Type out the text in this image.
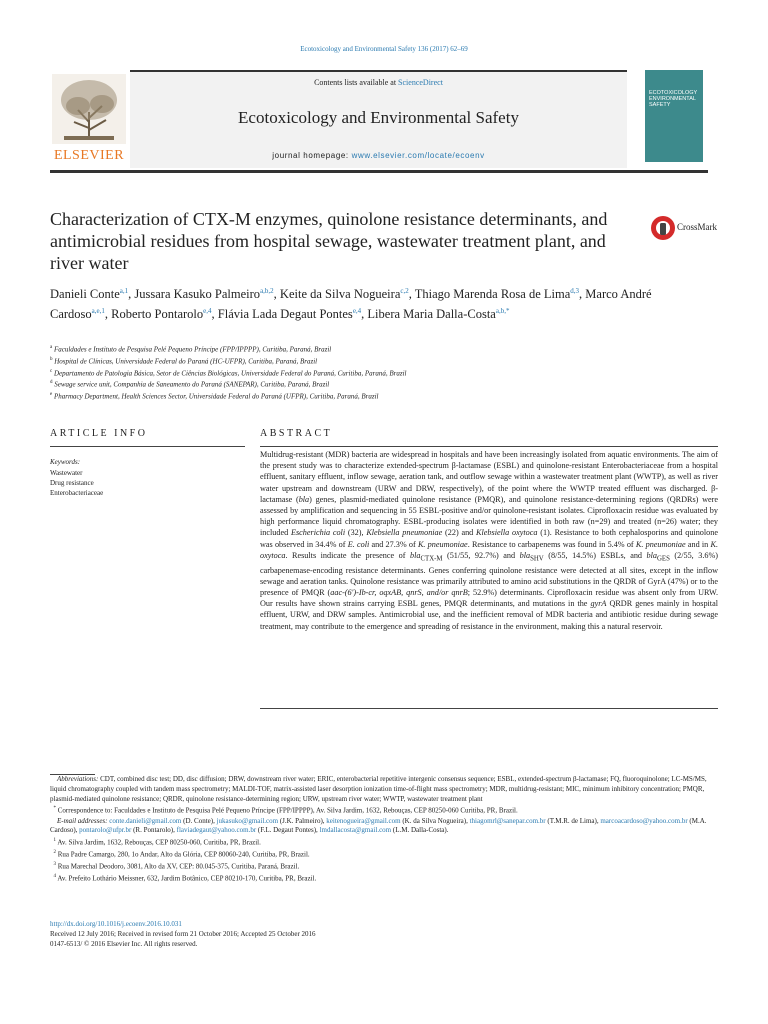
Ecotoxicology and Environmental Safety 136 (2017) 62–69
ELSEVIER
Contents lists available at ScienceDirect
Ecotoxicology and Environmental Safety
journal homepage: www.elsevier.com/locate/ecoenv
ECOTOXICOLOGY ENVIRONMENTAL SAFETY
Characterization of CTX-M enzymes, quinolone resistance determinants, and antimicrobial residues from hospital sewage, wastewater treatment plant, and river water
CrossMark
Danieli Conte$^{a,1}$, Jussara Kasuko Palmeiro$^{a,b,2}$, Keite da Silva Nogueira$^{c,2}$, Thiago Marenda Rosa de Lima$^{d,3}$, Marco André Cardoso$^{a,e,1}$, Roberto Pontarolo$^{e,4}$, Flávia Lada Degaut Pontes$^{e,4}$, Libera Maria Dalla-Costa$^{a,b,*}$
$^a$ Faculdades e Instituto de Pesquisa Pelé Pequeno Príncipe (FPP/IPPPP), Curitiba, Paraná, Brazil
$^b$ Hospital de Clínicas, Universidade Federal do Paraná (HC-UFPR), Curitiba, Paraná, Brazil
$^c$ Departamento de Patologia Básica, Setor de Ciências Biológicas, Universidade Federal do Paraná, Curitiba, Paraná, Brazil
$^d$ Sewage service unit, Companhia de Saneamento do Paraná (SANEPAR), Curitiba, Paraná, Brazil
$^e$ Pharmacy Department, Health Sciences Sector, Universidade Federal do Paraná (UFPR), Curitiba, Paraná, Brazil
ARTICLE INFO
Keywords:
Wastewater
Drug resistance
Enterobacteriaceae
ABSTRACT
Multidrug-resistant (MDR) bacteria are widespread in hospitals and have been increasingly isolated from aquatic environments. The aim of the present study was to characterize extended-spectrum β-lactamase (ESBL) and quinolone-resistant Enterobacteriaceae from a hospital effluent, sanitary effluent, inflow sewage, aeration tank, and outflow sewage within a wastewater treatment plant (WWTP), as well as river water upstream and downstream (URW and DRW, respectively), of the point where the WWTP treated effluent was discharged. β-lactamase (bla) genes, plasmid-mediated quinolone resistance (PMQR), and quinolone resistance-determining regions (QRDRs) were assessed by amplification and sequencing in 55 ESBL-positive and/or quinolone-resistant isolates. Ciprofloxacin residue was evaluated by high performance liquid chromatography. ESBL-producing isolates were identified in both raw (n=29) and treated (n=26) water; they included Escherichia coli (32), Klebsiella pneumoniae (22) and Klebsiella oxytoca (1). Resistance to both cephalosporins and quinolone was observed in 34.4% of E. coli and 27.3% of K. pneumoniae. Resistance to carbapenems was found in 5.4% of K. pneumoniae and in K. oxytoca. Results indicate the presence of bla$_{CTX-M}$ (51/55, 92.7%) and bla$_{SHV}$ (8/55, 14.5%) ESBLs, and bla$_{GES}$ (2/55, 3.6%) carbapenemase-encoding resistance determinants. Genes conferring quinolone resistance were detected at all sites, except in the inflow sewage and aeration tanks. Quinolone resistance was primarily attributed to amino acid substitutions in the QRDR of GyrA (47%) or to the presence of PMQR (aac-(6′)-Ib-cr, oqxAB, qnrS, and/or qnrB; 52.9%) determinants. Ciprofloxacin residue was absent only from URW. Our results have shown strains carrying ESBL genes, PMQR determinants, and mutations in the gyrA QRDR genes mainly in hospital effluent, URW, and DRW samples. Antimicrobial use, and the inefficient removal of MDR bacteria and antibiotic residue during sewage treatment, may contribute to the emergence and spreading of resistance in the environment, making this a natural reservoir.

Abbreviations: CDT, combined disc test; DD, disc diffusion; DRW, downstream river water; ERIC, enterobacterial repetitive intergenic consensus sequence; ESBL, extended-spectrum β-lactamase; FQ, fluoroquinolone; LC-MS/MS, liquid chromatography coupled with tandem mass spectrometry; MALDI-TOF, matrix-assisted laser desorption ionization time-of-flight mass spectrometry; MDR, multidrug-resistant; MIC, minimum inhibitory concentration; PMQR, plasmid-mediated quinolone resistance; QRDR, quinolone resistance-determining region; URW, upstream river water; WWTP, wastewater treatment plant

* Correspondence to: Faculdades e Instituto de Pesquisa Pelé Pequeno Príncipe (FPP/IPPPP), Av. Silva Jardim, 1632, Rebouças, CEP 80250-060 Curitiba, PR, Brazil.

E-mail addresses: conte.danieli@gmail.com (D. Conte), jukasuko@gmail.com (J.K. Palmeiro), keitenogueira@gmail.com (K. da Silva Nogueira), thiagomrl@sanepar.com.br (T.M.R. de Lima), marcoacardoso@yahoo.com.br (M.A. Cardoso), pontarolo@ufpr.br (R. Pontarolo), flaviadegaut@yahoo.com.br (F.L. Degaut Pontes), lmdallacosta@gmail.com (L.M. Dalla-Costa).

$^1$ Av. Silva Jardim, 1632, Rebouças, CEP 80250-060, Curitiba, PR, Brazil.

$^2$ Rua Padre Camargo, 280, 1o Andar, Alto da Glória, CEP 80060-240, Curitiba, PR, Brazil.

$^3$ Rua Marechal Deodoro, 3081, Alto da XV, CEP: 80.045-375, Curitiba, Paraná, Brazil.

$^4$ Av. Prefeito Lothário Meissner, 632, Jardim Botânico, CEP 80210-170, Curitiba, PR, Brazil.

http://dx.doi.org/10.1016/j.ecoenv.2016.10.031

Received 12 July 2016; Received in revised form 21 October 2016; Accepted 25 October 2016

0147-6513/ © 2016 Elsevier Inc. All rights reserved.
